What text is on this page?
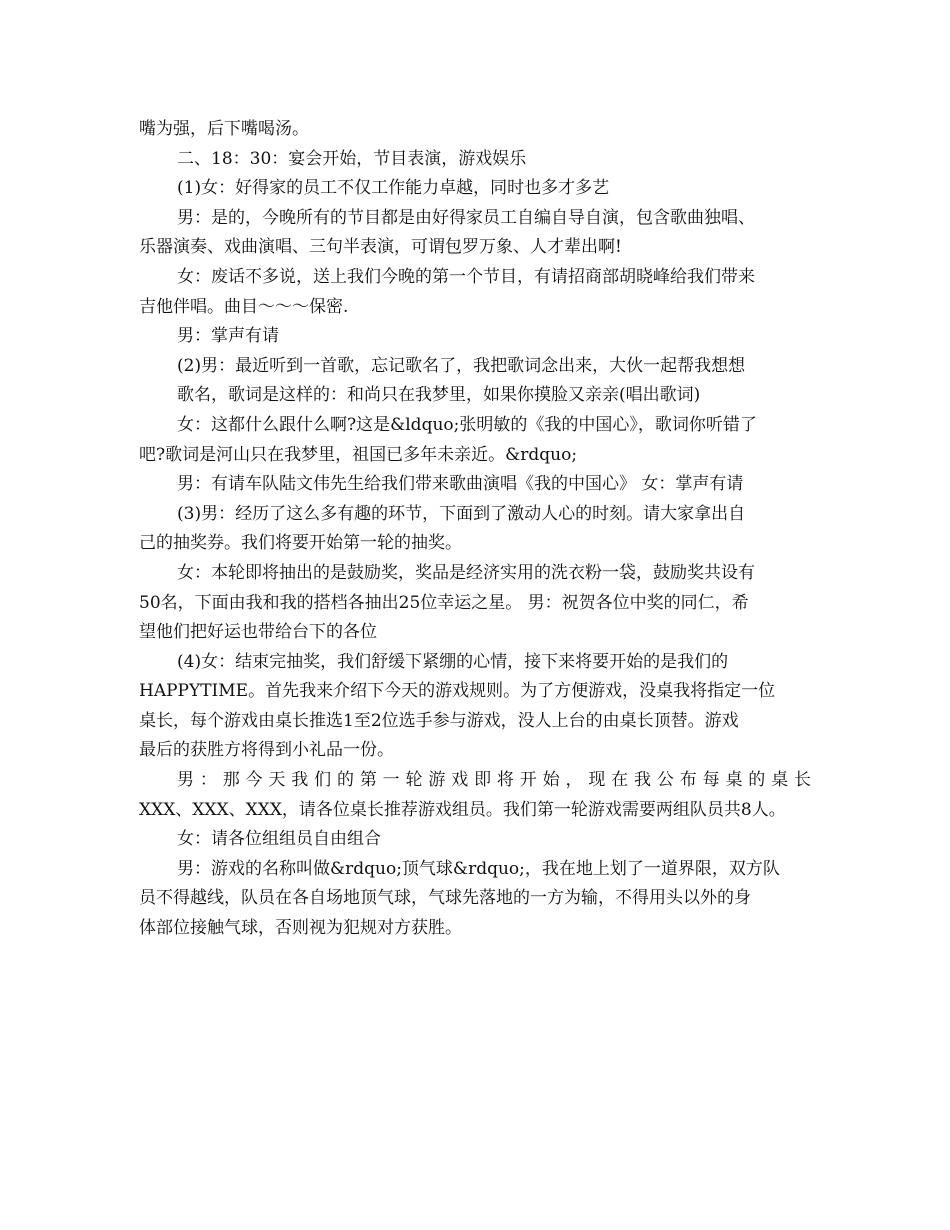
嘴为强，后下嘴喝汤。
二、18：30：宴会开始，节目表演，游戏娱乐
(1)女：好得家的员工不仅工作能力卓越，同时也多才多艺
男：是的，今晚所有的节目都是由好得家员工自编自导自演，包含歌曲独唱、
乐器演奏、戏曲演唱、三句半表演，可谓包罗万象、人才辈出啊!
女：废话不多说，送上我们今晚的第一个节目，有请招商部胡晓峰给我们带来
吉他伴唱。曲目～～～保密.
男：掌声有请
(2)男：最近听到一首歌，忘记歌名了，我把歌词念出来，大伙一起帮我想想
歌名，歌词是这样的：和尚只在我梦里，如果你摸脸又亲亲(唱出歌词)
女：这都什么跟什么啊?这是&ldquo;张明敏的《我的中国心》，歌词你听错了
吧?歌词是河山只在我梦里，祖国已多年未亲近。&rdquo;
男：有请车队陆文伟先生给我们带来歌曲演唱《我的中国心》 女：掌声有请
(3)男：经历了这么多有趣的环节，下面到了激动人心的时刻。请大家拿出自
己的抽奖券。我们将要开始第一轮的抽奖。
女：本轮即将抽出的是鼓励奖，奖品是经济实用的洗衣粉一袋，鼓励奖共设有
50名，下面由我和我的搭档各抽出25位幸运之星。 男：祝贺各位中奖的同仁，希
望他们把好运也带给台下的各位
(4)女：结束完抽奖，我们舒缓下紧绷的心情，接下来将要开始的是我们的
HAPPYTIME。首先我来介绍下今天的游戏规则。为了方便游戏，没桌我将指定一位
桌长，每个游戏由桌长推选1至2位选手参与游戏，没人上台的由桌长顶替。游戏
最后的获胜方将得到小礼品一份。
男：那今天我们的第一轮游戏即将开始，现在我公布每桌的桌长
XXX、XXX、XXX，请各位桌长推荐游戏组员。我们第一轮游戏需要两组队员共8人。
女：请各位组组员自由组合
男：游戏的名称叫做&rdquo;顶气球&rdquo;，我在地上划了一道界限，双方队
员不得越线，队员在各自场地顶气球，气球先落地的一方为输，不得用头以外的身
体部位接触气球，否则视为犯规对方获胜。
